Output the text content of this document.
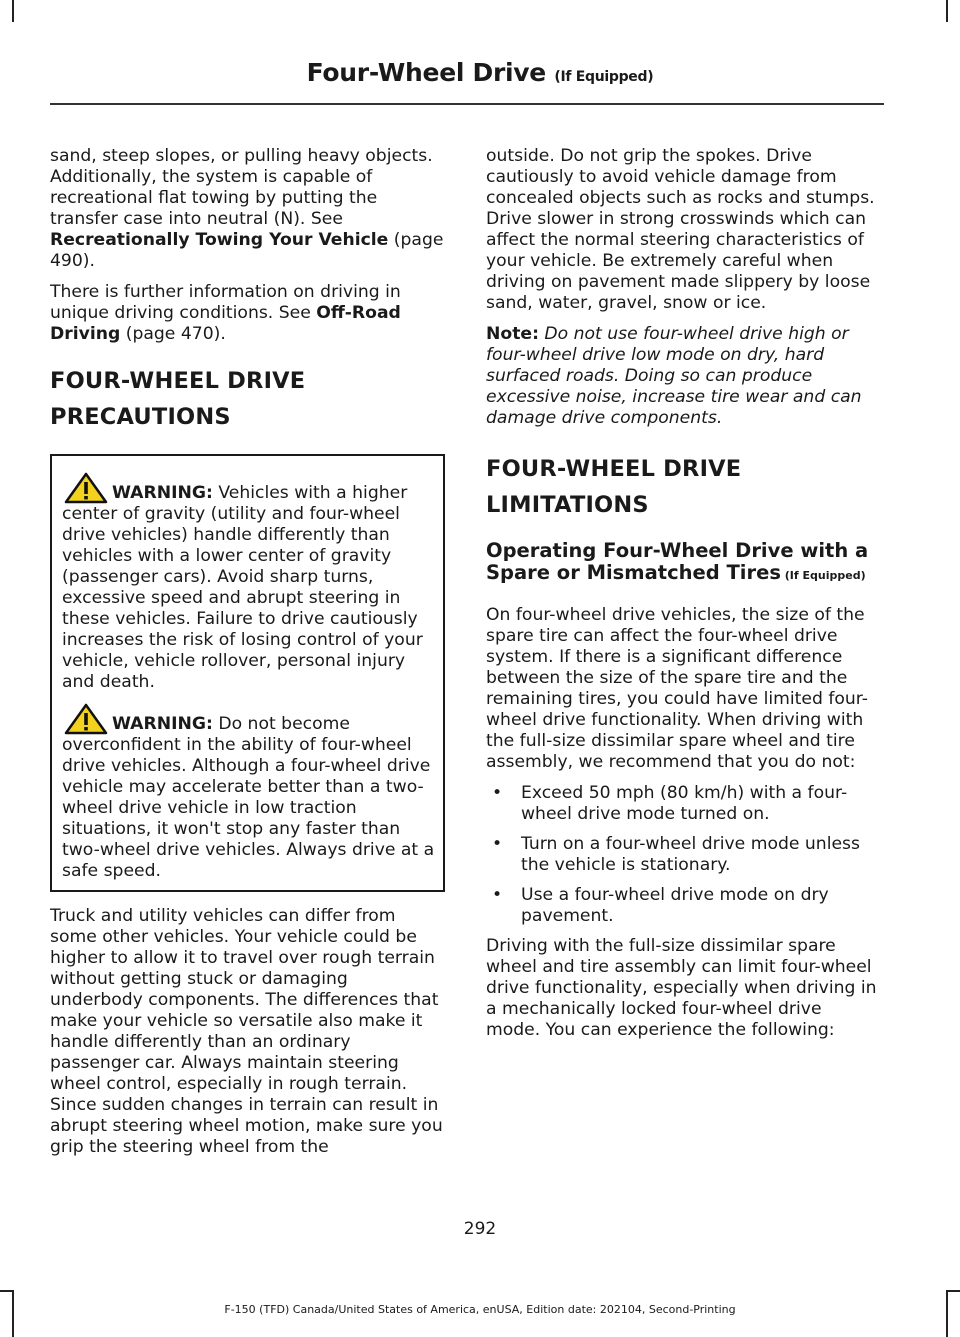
Four-Wheel Drive (If Equipped)

sand, steep slopes, or pulling heavy objects. Additionally, the system is capable of recreational flat towing by putting the transfer case into neutral (N). See Recreationally Towing Your Vehicle (page 490).

There is further information on driving in unique driving conditions. See Off-Road Driving (page 470).

FOUR-WHEEL DRIVE
PRECAUTIONS

WARNING: Vehicles with a higher center of gravity (utility and four-wheel drive vehicles) handle differently than vehicles with a lower center of gravity (passenger cars). Avoid sharp turns, excessive speed and abrupt steering in these vehicles. Failure to drive cautiously increases the risk of losing control of your vehicle, vehicle rollover, personal injury and death.

WARNING: Do not become overconfident in the ability of four-wheel drive vehicles. Although a four-wheel drive vehicle may accelerate better than a two-wheel drive vehicle in low traction situations, it won't stop any faster than two-wheel drive vehicles. Always drive at a safe speed.

Truck and utility vehicles can differ from some other vehicles. Your vehicle could be higher to allow it to travel over rough terrain without getting stuck or damaging underbody components. The differences that make your vehicle so versatile also make it handle differently than an ordinary passenger car. Always maintain steering wheel control, especially in rough terrain. Since sudden changes in terrain can result in abrupt steering wheel motion, make sure you grip the steering wheel from the

outside. Do not grip the spokes. Drive cautiously to avoid vehicle damage from concealed objects such as rocks and stumps. Drive slower in strong crosswinds which can affect the normal steering characteristics of your vehicle. Be extremely careful when driving on pavement made slippery by loose sand, water, gravel, snow or ice.

Note: Do not use four-wheel drive high or four-wheel drive low mode on dry, hard surfaced roads. Doing so can produce excessive noise, increase tire wear and can damage drive components.

FOUR-WHEEL DRIVE
LIMITATIONS
Operating Four-Wheel Drive with a Spare or Mismatched Tires (If Equipped)

On four-wheel drive vehicles, the size of the spare tire can affect the four-wheel drive system. If there is a significant difference between the size of the spare tire and the remaining tires, you could have limited four-wheel drive functionality. When driving with the full-size dissimilar spare wheel and tire assembly, we recommend that you do not:

• Exceed 50 mph (80 km/h) with a four-wheel drive mode turned on.
• Turn on a four-wheel drive mode unless the vehicle is stationary.
• Use a four-wheel drive mode on dry pavement.

Driving with the full-size dissimilar spare wheel and tire assembly can limit four-wheel drive functionality, especially when driving in a mechanically locked four-wheel drive mode. You can experience the following:

292
F-150 (TFD) Canada/United States of America, enUSA, Edition date: 202104, Second-Printing
